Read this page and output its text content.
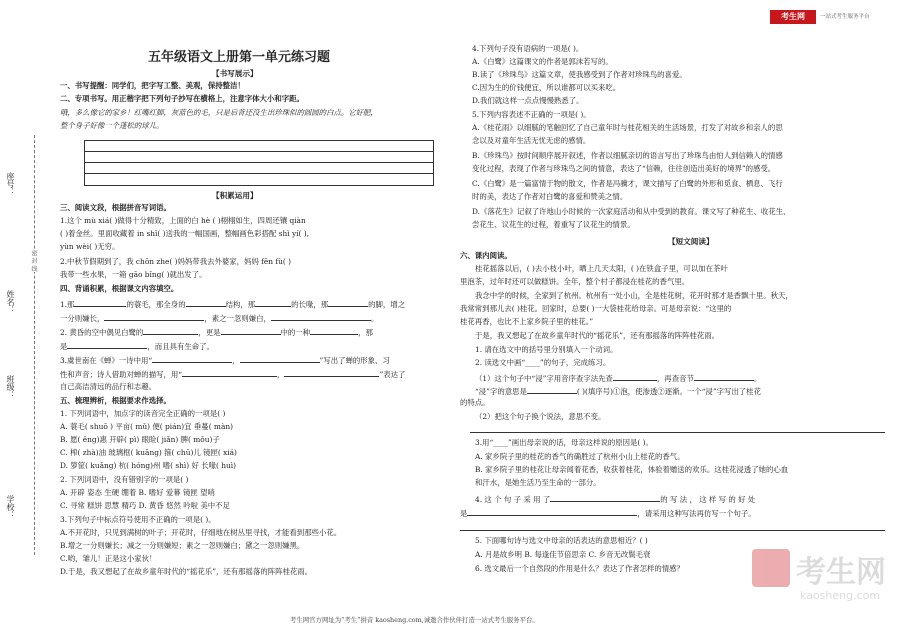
考生网	一站式考生服务平台
座号：
姓名：
班级：
学校：
密 封 线
五年级语文上册第一单元练习题
【书写展示】
一、书写提醒：同学们，把字写工整、美观，保持整洁！
二、专项书写。用正楷字把下列句子抄写在横格上，注意字体大小和字距。
哦，多么像它的家乡！红嘴红脚，灰蓝色的毛，只是后背还没生出珍珠似的圆圆的白点。它好肥，
整个身子好像一个蓬松的球儿。
【积累运用】
三、阅读文段，根据拼音写词语。
1.这个 mù xiá( )做得十分精致，上面的白 hè ( )栩栩如生，四周还镶 qiàn
( )着金丝。里面收藏着 in shǐ( )送我的一幅国画，整幅画色彩搭配 shì yí( ),
yùn wèi( )无穷。
2.中秋节假期到了，我 chōn zhe( )妈妈带我去外婆家，妈妈 fēn fù( )
我带一些水果，一箱 gāo bǐng( )就出发了。
四、背诵积累，根据课文内容填空。
1.那	的蓑毛，那全身的	结构，那	的长喙，那	的脚，增之
一分则嫌长，	，素之一忽则嫌白，	。
2. 黄昏的空中偶见白鹭的	，更是	中的一种	，那
是	，而且具有生命了。
3.虞世南在《蝉》一诗中用“	，	”写出了蝉的形象、习
性和声音；诗人借助对蝉的描写，用“	，	”表达了
自己高洁清远的品行和志趣。
五、梳理辨析，根据要求作选择。
1. 下列词语中，加点字的读音完全正确的一项是( )
A. 蓑毛( shuō ) 平亩( mǔ) 便( pián)宜 垂蔓( màn)
B. 愿( ěng)惠 开辟( pì) 眼睑( jiǎn) 脾( mǒu)子
C. 榨( zhà)油 玻璃框( kuāng) 箍( chū)儿 镜匣( xiá)
D. 箩筐( kuǎng) 杭( hóng)州 嗜( shì) 好 长喙( huì)
2. 下列词语中，没有错别字的一项是( )
A. 开辟 姿态 生硬 绷着 B. 嗜好 爱幕 镜匣 望哨
C. 寻常 糕饼 思慧 精巧 D. 黄昏 悠然 吟啦 美中不足
3.下列句子中标点符号使用不正确的一项是( )。
A.不开花时，只见到满树的叶子；开花时，仔细地在树丛里寻找，才能看到那些小花。
B.增之一分则嫌长；减之一分则嫌短；素之一忽则嫌白；黛之一忽则嫌黑。
C.哟，雏儿！正是这小家伙！
D.于是，我又想起了在故乡童年时代的“摇花乐”，还有那摇落的阵阵桂花雨。
4.下列句子没有语病的一项是( )。
A.《白鹭》这篇课文的作者是郭沫若写的。
B.读了《珍珠鸟》这篇文章，使我感受到了作者对珍珠鸟的喜爱。
C.因为生的价钱便宜，所以谁都可以买来吃。
D.我们就这样一点点慢慢熟悉了。
5.下列内容表述不正确的一项是( )。
A.《桂花雨》以细腻的笔触回忆了自己童年时与桂花相关的生活场景，打发了对故乡和亲人的思
念以及对童年生活无忧无虑的感情。
B.《珍珠鸟》按时间顺序展开叙述，作者以细腻亲切的语言写出了珍珠鸟由怕人到信赖人的情感
变化过程，表现了作者与珍珠鸟之间的情意，表达了“信赖，往往创造出美好的境界”的感受。
C.《白鹭》是一篇富情于物的散文，作者是冯骥才，课文描写了白鹭的外形和觅食、栖息、飞行
时的美，表达了作者对白鹭的喜爱和赞美之情。
D.《落花生》记叙了许地山小时候的一次家庭活动和从中受到的教育。课文写了种花生、收花生、
尝花生、议花生的过程，着重写了议花生的情景。
【短文阅读】
六、课内阅读。
桂花摇落以后，( )去小枝小叶，晒上几天太阳，( )在铁盒子里，可以加在茶叶
里泡茶，过年时还可以做糕饼。全年，整个村子都浸在桂花的香气里。
我念中学的时候，全家到了杭州。杭州有一处小山，全是桂花树，花开时那才是香飘十里。秋天，
我常常到那儿去( )桂花。回家时，总要( )一大袋桂花给母亲。可是母亲说：“这里的
桂花再香，也比不上家乡院子里的桂花。”
于是，我又想起了在故乡童年时代的“摇花乐”，还有那摇落的阵阵桂花雨。
1. 请在选文中的括号里分别填入一个动词。
2. 读选文中画“____”的句子，完成练习。
（1）这个句子中“浸”字用音序查字法先查	，再查音节	。
“浸”字的意思是	( )(填序号)①泡，使渗透②逐渐。一个“浸”字写出了桂花
的特点。
（2）把这个句子换个说法，意思不变。
3.用“____”画出母亲说的话，母亲这样说的原因是( )。
A. 家乡院子里的桂花的香气的确胜过了杭州小山上桂花的香气。
B. 家乡院子里的桂花让母亲闻着花香，收获着桂花，体验着赠送的欢乐。这桂花浸透了她的心血
和汗水，是她生活乃至生命的一部分。
4. 这 个 句 子 采 用 了	的 写 法 ， 这 样 写 的 好 处
是	，请采用这种写法再仿写一个句子。
5. 下面哪句诗与选文中母亲的话表达的意思相近？( )
A. 月是故乡明 B. 每逢佳节倍思亲 C. 乡音无改鬓毛衰
6. 选文最后一个自然段的作用是什么？表达了作者怎样的情感？	考生网
kaosheng.com
考生网官方网址为“考生”拼音 kaosheng.com,诚邀合作伙伴打造一站式考生服务平台。
